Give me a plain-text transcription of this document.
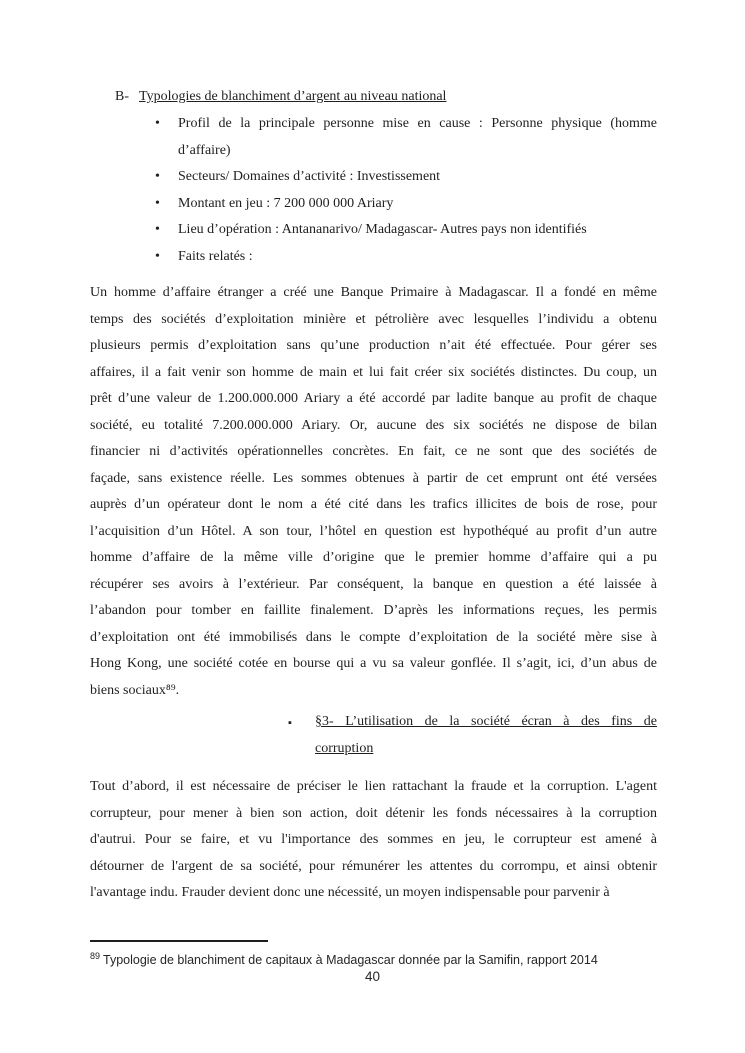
B- Typologies de blanchiment d’argent au niveau national
• Profil de la principale personne mise en cause : Personne physique (homme
d’affaire)
• Secteurs/ Domaines d’activité : Investissement
• Montant en jeu : 7 200 000 000 Ariary
• Lieu d’opération : Antananarivo/ Madagascar- Autres pays non identifiés
• Faits relatés :
Un homme d’affaire étranger a créé une Banque Primaire à Madagascar. Il a fondé en même
temps des sociétés d’exploitation minière et pétrolière avec lesquelles l’individu a obtenu
plusieurs permis d’exploitation sans qu’une production n’ait été effectuée. Pour gérer ses
affaires, il a fait venir son homme de main et lui fait créer six sociétés distinctes. Du coup, un
prêt d’une valeur de 1.200.000.000 Ariary a été accordé par ladite banque au profit de chaque
société, eu totalité 7.200.000.000 Ariary. Or, aucune des six sociétés ne dispose de bilan
financier ni d’activités opérationnelles concrètes. En fait, ce ne sont que des sociétés de
façade, sans existence réelle. Les sommes obtenues à partir de cet emprunt ont été versées
auprès d’un opérateur dont le nom a été cité dans les trafics illicites de bois de rose, pour
l’acquisition d’un Hôtel. A son tour, l’hôtel en question est hypothéqué au profit d’un autre
homme d’affaire de la même ville d’origine que le premier homme d’affaire qui a pu
récupérer ses avoirs à l’extérieur. Par conséquent, la banque en question a été laissée à
l’abandon pour tomber en faillite finalement. D’après les informations reçues, les permis
d’exploitation ont été immobilisés dans le compte d’exploitation de la société mère sise à
Hong Kong, une société cotée en bourse qui a vu sa valeur gonflée. Il s’agit, ici, d’un abus de
biens sociaux⁸⁹.
▪ §3- L’utilisation de la société écran à des fins de
corruption
Tout d’abord, il est nécessaire de préciser le lien rattachant la fraude et la corruption. L'agent
corrupteur, pour mener à bien son action, doit détenir les fonds nécessaires à la corruption
d'autrui. Pour se faire, et vu l'importance des sommes en jeu, le corrupteur est amené à
détourner de l'argent de sa société, pour rémunérer les attentes du corrompu, et ainsi obtenir
l'avantage indu. Frauder devient donc une nécessité, un moyen indispensable pour parvenir à
$^{89}$ Typologie de blanchiment de capitaux à Madagascar donnée par la Samifin, rapport 2014
40
